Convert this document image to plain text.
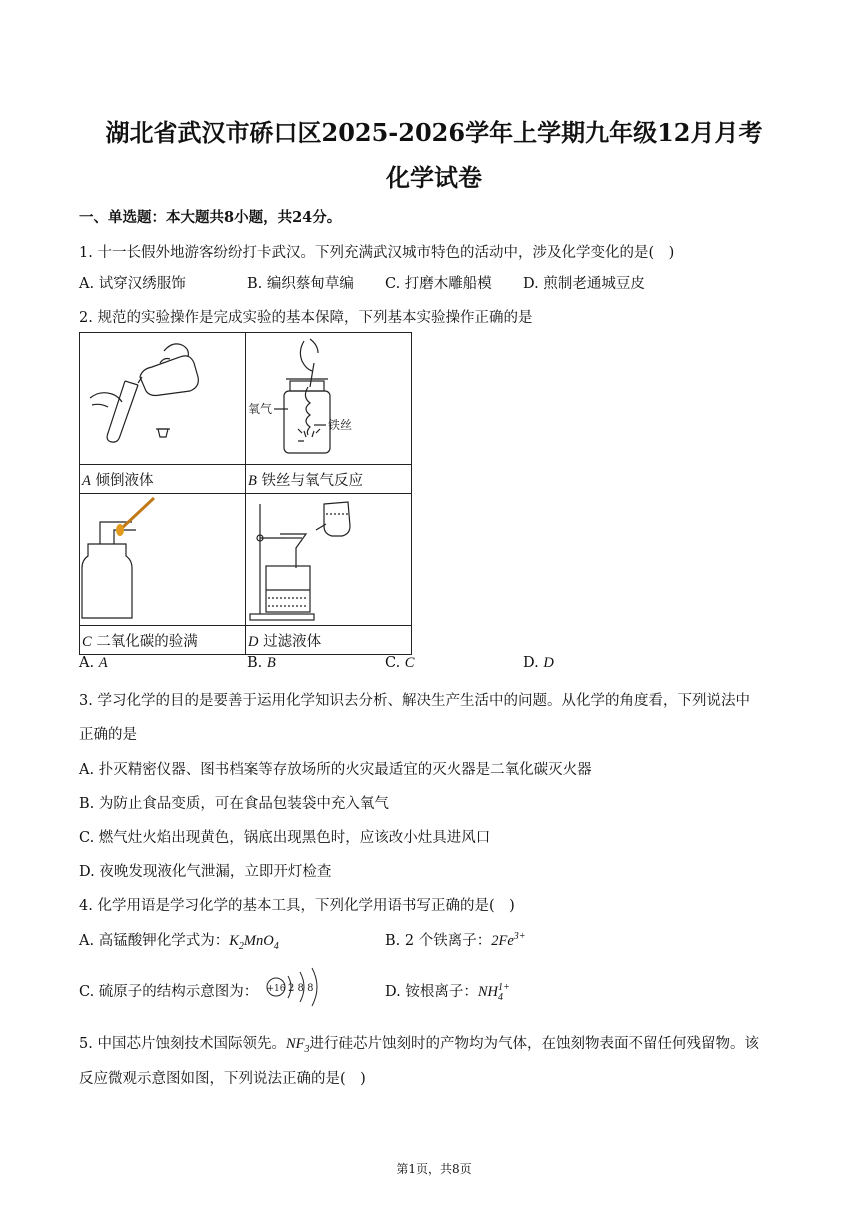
湖北省武汉市硚口区2025-2026学年上学期九年级12月月考
化学试卷
一、单选题：本大题共8小题，共24分。
1. 十一长假外地游客纷纷打卡武汉。下列充满武汉城市特色的活动中，涉及化学变化的是(　)
A. 试穿汉绣服饰	B. 编织蔡甸草编 C. 打磨木雕船模 D. 煎制老通城豆皮
2. 规范的实验操作是完成实验的基本保障，下列基本实验操作正确的是

氧气
铁丝

A 倾倒液体	B 铁丝与氧气反应

C 二氧化碳的验满	D 过滤液体
A. A	B. B	C. C	D. D
3. 学习化学的目的是要善于运用化学知识去分析、解决生产生活中的问题。从化学的角度看，下列说法中
正确的是
A. 扑灭精密仪器、图书档案等存放场所的火灾最适宜的灭火器是二氧化碳灭火器
B. 为防止食品变质，可在食品包装袋中充入氧气
C. 燃气灶火焰出现黄色，锅底出现黑色时，应该改小灶具进风口
D. 夜晚发现液化气泄漏，立即开灯检查
4. 化学用语是学习化学的基本工具，下列化学用语书写正确的是(　)
A. 高锰酸钾化学式为：$K_2MnO_4$	B. 2 个铁离子：$2Fe^{3+}$
C. 硫原子的结构示意图为： +16 2 8 8	D. 铵根离子：NH 1+
4
5. 中国芯片蚀刻技术国际领先。$NF_3$进行硅芯片蚀刻时的产物均为气体，在蚀刻物表面不留任何残留物。该
反应微观示意图如图，下列说法正确的是(　)
第1页，共8页
